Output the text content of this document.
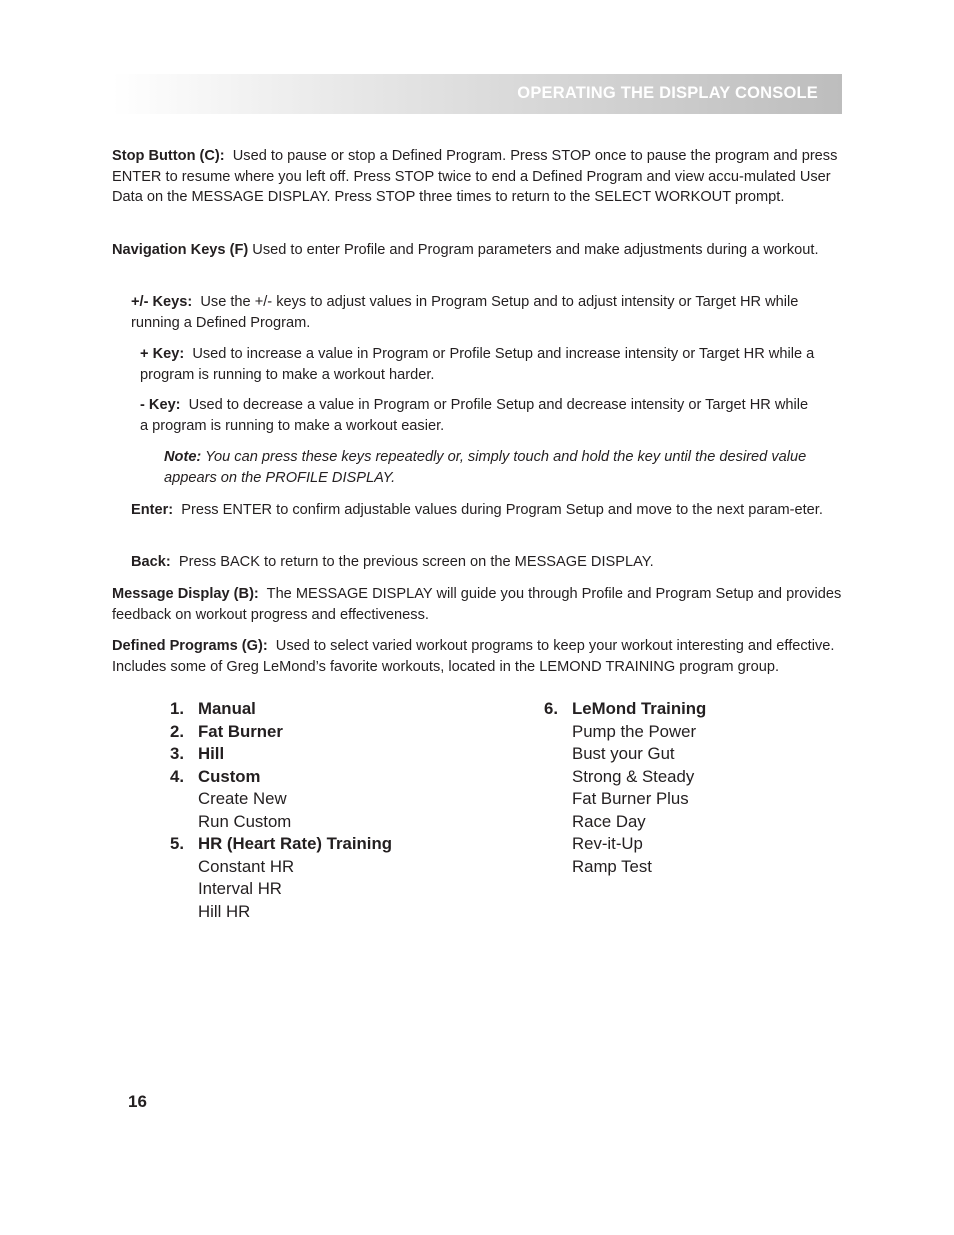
OPERATING THE DISPLAY CONSOLE

Stop Button (C): Used to pause or stop a Defined Program. Press STOP once to pause the program and press ENTER to resume where you left off. Press STOP twice to end a Defined Program and view accu-mulated User Data on the MESSAGE DISPLAY. Press STOP three times to return to the SELECT WORKOUT prompt.

Navigation Keys (F) Used to enter Profile and Program parameters and make adjustments during a workout.

+/- Keys: Use the +/- keys to adjust values in Program Setup and to adjust intensity or Target HR while running a Defined Program.

+ Key: Used to increase a value in Program or Profile Setup and increase intensity or Target HR while a program is running to make a workout harder.

- Key: Used to decrease a value in Program or Profile Setup and decrease intensity or Target HR while a program is running to make a workout easier.

Note: You can press these keys repeatedly or, simply touch and hold the key until the desired value appears on the PROFILE DISPLAY.

Enter: Press ENTER to confirm adjustable values during Program Setup and move to the next param-eter.

Back: Press BACK to return to the previous screen on the MESSAGE DISPLAY.

Message Display (B): The MESSAGE DISPLAY will guide you through Profile and Program Setup and provides feedback on workout progress and effectiveness.

Defined Programs (G): Used to select varied workout programs to keep your workout interesting and effective. Includes some of Greg LeMond’s favorite workouts, located in the LEMOND TRAINING program group.

1. Manual
2. Fat Burner
3. Hill
4. Custom
Create New
Run Custom
5. HR (Heart Rate) Training
Constant HR
Interval HR
Hill HR
6. LeMond Training
Pump the Power
Bust your Gut
Strong & Steady
Fat Burner Plus
Race Day
Rev-it-Up
Ramp Test
16
